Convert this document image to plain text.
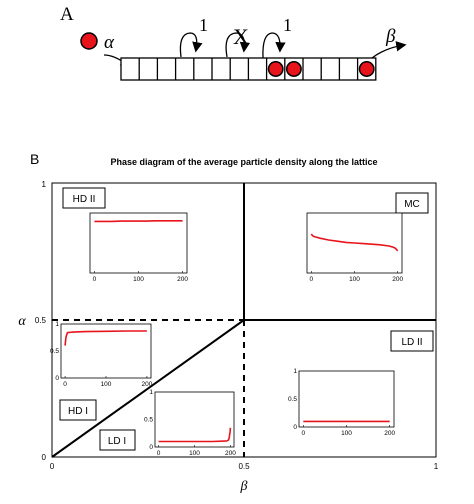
A
α
1 X 1
β
B	Phase diagram of the average particle density along the lattice
0	0.5	1
0
0.5
1
β
α
HD II	MC
HD I
LD I
LD II
0	100	200	0	100	200
0	100	200
0
0.5
1
0	100	200
0
0.5
1
0	100	200
0
0.5
1
